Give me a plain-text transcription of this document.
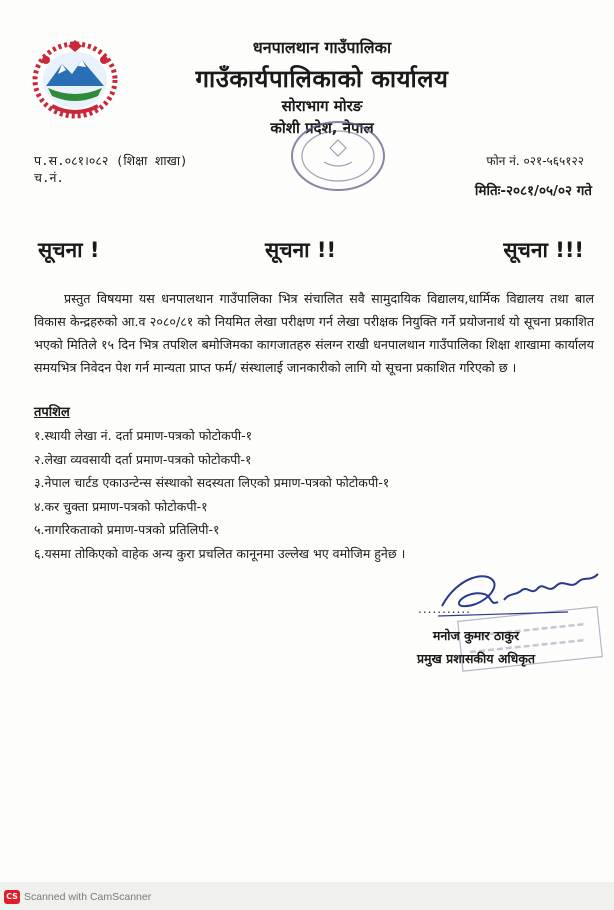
धनपालथान गाउँपालिका
गाउँकार्यपालिकाको कार्यालय
सोराभाग मोरङ
कोशी प्रदेश, नेपाल
प.स.०८१।०८२ (शिक्षा शाखा)
च.नं.
फोन नं. ०२१-५६५१२२
मितिः-२०८१/०५/०२ गते
सूचना !	सूचना !!	सूचना !!!

प्रस्तुत विषयमा यस धनपालथान गाउँपालिका भित्र संचालित सवै सामुदायिक विद्यालय,धार्मिक विद्यालय तथा बाल विकास केन्द्रहरुको आ.व २०८०/८१ को नियमित लेखा परीक्षण गर्न लेखा परीक्षक नियुक्ति गर्ने प्रयोजनार्थ यो सूचना प्रकाशित भएको मितिले १५ दिन भित्र तपशिल बमोजिमका कागजातहरु संलग्न राखी धनपालथान गाउँपालिका शिक्षा शाखामा कार्यालय समयभित्र निवेदन पेश गर्न मान्यता प्राप्त फर्म/ संस्थालाई जानकारीको लागि यो सूचना प्रकाशित गरिएको छ ।

तपशिल
१.स्थायी लेखा नं. दर्ता प्रमाण-पत्रको फोटोकपी-१
२.लेखा व्यवसायी दर्ता प्रमाण-पत्रको फोटोकपी-१
३.नेपाल चार्टड एकाउन्टेन्स संस्थाको सदस्यता लिएको प्रमाण-पत्रको फोटोकपी-१
४.कर चुक्ता प्रमाण-पत्रको फोटोकपी-१
५.नागरिकताको प्रमाण-पत्रको प्रतिलिपी-१
६.यसमा तोकिएको वाहेक अन्य कुरा प्रचलित कानूनमा उल्लेख भए वमोजिम हुनेछ ।
...........
मनोज कुमार ठाकुर
प्रमुख प्रशासकीय अधिकृत
CS Scanned with CamScanner
